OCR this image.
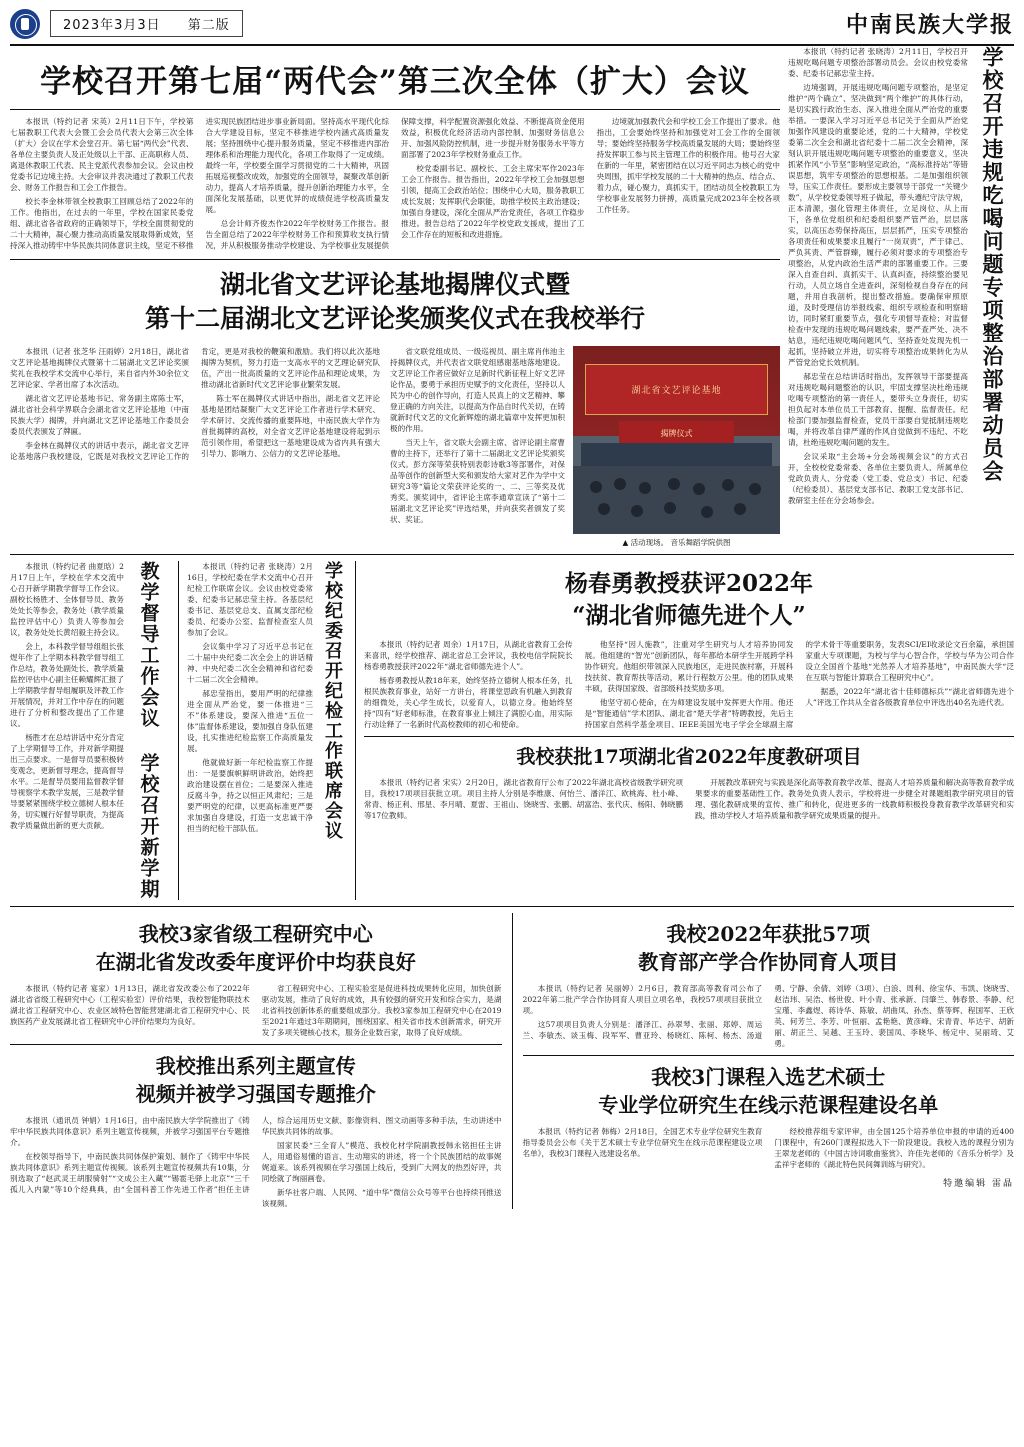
2023年3月3日 第二版	中南民族大学报
学校召开第七届“两代会”第三次全体（扩大）会议

本报讯（特约记者 宋英）2月11日下午，学校第七届教职工代表大会暨工会会员代表大会第三次全体（扩大）会议在学术会堂召开。第七届“两代会”代表、各单位主要负责人及正处级以上干部、正高职称人员、离退休教职工代表、民主党派代表参加会议。会议由校党委书记边境主持。大会审议并表决通过了教职工代表会、财务工作报告和工会工作报告。

校长李金林带领全校教职工回顾总结了2022年的工作。他指出，在过去的一年里，学校在国家民委党组、湖北省各省政府的正确领导下，学校全面贯彻党的二十大精神，凝心聚力推动高质量发展取得新成效，坚持深入推动铸牢中华民族共同体意识主线，坚定不移推进实现民族团结进步事业新局面。坚持高水平现代化综合大学建设目标，坚定不移推进学校内涵式高质量发展；坚持围绕中心提升服务质量，坚定不移推进内部治理体系和治理能力现代化，各项工作取得了一定成绩。最终一年，学校要全面学习贯彻党的二十大精神，巩固拓展巡视整改成效，加强党的全面领导，凝聚改革创新动力，提高人才培养质量，提升创新治理能力水平，全面深化发展基础，以更优异的成绩促进学校高质量发展。

总会计师齐俊杰作2022年学校财务工作报告。报告全面总结了2022年学校财务工作和预算收支执行情况，并从积极服务推动学校建设、为学校事业发展提供保障支撑，科学配置资源强化效益、不断提高资金使用效益，积极优化经济活动内部控制、加强财务信息公开、加强风险防控机制，进一步提升财务服务水平等方面部署了2023年学校财务重点工作。

校党委副书记、副校长、工会主席宋军作2023年工会工作报告。报告指出，2022年学校工会加强思想引领，提高工会政治站位；围绕中心大局，服务教职工成长发展；发挥职代会职能，助推学校民主政治建设；加强自身建设，深化全面从严治党责任，各项工作稳步推进。报告总结了2022年学校党政支援成，提出了工会工作存在的短板和改进措施。

边境就加强教代会和学校工会工作提出了要求。他指出，工会要始终坚持和加强党对工会工作的全面领导；要始终坚持服务学校高质量发展的大局；要始终坚持发挥职工参与民主管理工作的积极作用。他号召大家在新的一年里，紧密团结在以习近平同志为核心的党中央周围，抓牢学校发展的二十大精神的热点、结合点、着力点，碰心聚力，真抓实干，团结动员全校教职工为学校事业发展努力拼搏，高质量完成2023年全校各项工作任务。

湖北省文艺评论基地揭牌仪式暨
第十二届湖北文艺评论奖颁奖仪式在我校举行

本报讯（记者 张芝华 汪雨婷）2月18日，湖北省文艺评论基地揭牌仪式暨第十二届湖北文艺评论奖颁奖礼在我校学术交流中心举行，来自省内外30余位文艺评论家、学者出席了本次活动。

湖北省文艺评论基地书记、常务副主席陈士军，湖北省社会科学界联合会湖北省文艺评论基地（中南民族大学）揭牌，并向湖北文艺评论基地工作委员会委员代表颁发了牌匾。

李金林在揭牌仪式的讲话中表示，湖北省文艺评论基地落户我校建设，它既是对我校文艺评论工作的肯定，更是对我校的鞭策和激励。我们将以此次基地揭牌为契机，努力打造一支高水平的文艺理论研究队伍，产出一批高质量的文艺评论作品和理论成果，为推动湖北省新时代文艺评论事业繁荣发展。

陈士军在揭牌仪式讲话中指出，湖北省文艺评论基地是团结凝聚广大文艺评论工作者进行学术研究、学术研讨、交流传播的重要阵地，中南民族大学作为首批揭牌的高校，对全省文艺评论基地建设将起到示范引领作用，希望把这一基地建设成为省内具有强大引导力、影响力、公信力的文艺评论基地。

省文联党组成员、一级巡视员、副主席肖伟池主持揭牌仪式，并代表省文联党组感谢基地落地建设。文艺评论工作者应做好立足新时代新征程上好文艺评论作品，要勇于承担历史赋予的文化责任，坚持以人民为中心的创作导向，打造人民真上的文艺精神、攀登正确的方向关注，以提高为作品自时代关切，在铸就新时代文艺的文化新辉煌的湖北篇章中发挥更加积极的作用。

当天上午，省文联大会副主席、省评论副主席曹曹的主持下，还举行了第十二届湖北文艺评论奖颁奖仪式。彭方深等荣获特别表彰诗歌3等部署作，对保品等创作的创新型大奖和颁发给大家对艺作为学中文研究3等“篇论文荣获评论奖的一、二、三等奖及优秀奖。颁奖词中，省评论主席李通章宣读了“第十二届湖北文艺评论奖”评选结果，并向获奖者颁发了奖状、奖证。

湖北省文艺评论基地
揭牌仪式
▲ 活动现场。 音乐舞蹈学院供图

本报讯（特约记者 张晓涛）2月11日，学校召开违规吃喝问题专项整治部署动员会。会议由校党委常委、纪委书记郝忠莹主持。

边境强调，开展违规吃喝问题专项整治，是坚定维护“两个确立”、坚决做到“两个维护”的具体行动，是切实践行政治生态、深入推进全面从严治党的重要举措。一要深入学习习近平总书记关于全面从严治党加强作风建设的重要论述，党的二十大精神，学校党委第二次全会和湖北省纪委十二届二次全会精神，深刻认识开展违规吃喝问题专项整治的重要意义，坚决抓紧作风“小节坚”影响坚定政治，“高标准持站”等错误思想，筑牢专项整治的思想根基。二是加强组织领导，压实工作责任。要形成主要领导干部党一“关键少数”，从学校党委领导班子做起，带头遵纪守法守规，正本清源，强化管理主体责任，立足岗位、从上而下，各单位党组织和纪委组织要严管严治，层层落实，以高压态势保持高压，层层抓严，压实专项整治各项责任和成果要求且履行“一岗双责”，严于律己、严负其责、严管群臻，履行必须对要求的专项整治专项整治，从党内政治生活严肃的部署重要工作。三要深入自查自纠、真抓实干、认真纠查，持续整治要见行动，人员立场自全进查纠，深刻检视自身存在的问题，并用自我剖析，提出整改措施。要确保审照原道，及时受理信访举报线索、组织专项检查和明察暗访，同时紧盯重要节点，强化专项督导查检；对监督检查中发现的违规吃喝问题线索，要严查严处、决不姑息，违纪违规吃喝问题风气、坚持查处发现先机一起抓，坚持破立并进，切实将专项整治成果转化为从严管党治党长效机制。

郝忠莹在总结讲话时指出，发挥领导干部要提高对违规吃喝问题整治的认识，牢固支撑坚决杜绝违规吃喝专项整治的第一责任人，要带头立身责任，切实担负起对本单位员工干部教育、提醒、监督责任。纪检部门要加强监督检查，党员干部要自觉抵制违规吃喝，并将改革自律严谨的作风自觉做到不违纪、不吃请，杜绝违规吃喝问题的发生。

会议采取“主会场+分会场视频会议”的方式召开，全校校党委常委、各单位主要负责人、所属单位党政负责人、分党委（党工委、党总支）书记、纪委（纪检委员）、基层党支部书记、教职工党支部书记、教研室主任在分会场参会。

学校召开违规吃喝问题专项整治部署动员会

本报讯（特约记者 曲夏晗）2月17日上午，学校在学术交流中心召开新学期教学督导工作会议。副校长杨胜才、全体督导员、教务处处长等参会，教务处（教学质量监控评估中心）负责人等参加会议，教务处处长黄绍毅主持会议。

会上，本科教学督导组组长张煜年作了上学期本科教学督导组工作总结，教务处副处长、教学质量监控评估中心副主任赖耀辉汇报了上学期教学督导组履职及评教工作开展情况，并对工作中存在的问题进行了分析和整改提出了工作建议。

杨胜才在总结讲话中充分肯定了上学期督导工作，并对新学期提出三点要求。一是督导员要积极转变观念，更新督导理念，提高督导水平。二是督导员要用监督教学督导视察学术教学发展，三是教学督导要紧紧围绕学校立德树人根本任务，切实履行好督导职责，为提高教学质量做出新的更大贡献。	教学督导工作会议 学校召开新学期	本报讯（特约记者 张晓涛）2月16日，学校纪委在学术交流中心召开纪检工作联席会议。会议由校党委常委、纪委书记郝忠莹主持。各基层纪委书记、基层党总支、直属支部纪检委员、纪委办公室、监督检查室人员参加了会议。

会议集中学习了习近平总书记在二十届中央纪委二次全会上的讲话精神、中央纪委二次全会精神和省纪委十二届二次全会精神。

郝忠莹指出，要用严明的纪律推进全面从严治党，要一体推进“三不”体系建设，要深入推进“五位一体”监督体系建设，要加强自身队伍建设，扎实推进纪检监察工作高质量发展。

他就做好新一年纪检监察工作提出：一是要旗帜鲜明讲政治，始终把政治建设摆在首位；二是要深入推进反腐斗争，持之以恒正风肃纪；三是要严明党的纪律，以更高标准更严要求加强自身建设，打造一支忠诚干净担当的纪检干部队伍。	学校纪委召开纪检工作联席会议	杨春勇教授获评2022年
“湖北省师德先进个人”

本报讯（特约记者 周余）1月17日，从湖北省教育工会传来喜讯，经学校推荐、湖北省总工会评议，我校电信学院院长杨春勇教授获评2022年“湖北省师德先进个人”。

杨春勇教授从教18年来，始终坚持立德树人根本任务，扎根民族教育事业，站好一方讲台，将课堂思政有机融入到教育的细微处，关心学生成长，以爱育人，以德立身。他始终坚持“四有”好老师标准，在教育事业上倾注了满腔心血，用实际行动诠释了一名新时代高校教师的初心和使命。

他坚持“因人施教”，注重对学生研究与人才培养协同发展。他组建的“智光”创新团队，每年都给本研学生开展跨学科协作研究。他组织带领深入民族地区，走进民族村寨，开展科技扶贫、教育帮扶等活动，累计行程数万公里。他的团队成果丰硕，获得国家级、省部级科技奖励多项。

他坚守初心使命，在为师建设发展中发挥更大作用。他还是“智能通信”学术团队、湖北省“楚天学者”特聘教授，先后主持国家自然科学基金项目、IEEE美国光电子学会全球副主席的学术骨干等重要职务，发表SCI/EI收录论文百余篇，承担国家重大专项课题，为校与学与心智合作，学校与华为公司合作设立全国首个基地“光然养人才培养基地”，中南民族大学“泛在互联与智能计算联合工程研究中心”。

据悉，2022年“湖北省十佳师德标兵”“湖北省师德先进个人”评选工作共从全省各级教育单位中评选出40名先进代表。

我校获批17项湖北省2022年度教研项目

本报讯（特约记者 宋实）2月20日，湖北省教育厅公布了2022年湖北高校省级教学研究项目，我校17项项目获批立项。项目主持人分别是李维康、何怡兰、潘洋江、欧桃海、杜小峰、常青、杨正利、邢星、李月晴、夏雷、王祖山、饶晓雪、张鹏、胡富浩、张代庆、杨阳、韩晓鹏等17位教师。

开展教改革研究与实践是深化高等教育教学改革、提高人才培养质量和解决高等教育教学成果要求的重要基础性工作。教务处负责人表示，学校将进一步健全对课题组教学研究项目的管理、强化教研成果的宣传、推广和转化，促进更多的一线教师积极投身教育教学改革研究和实践，推动学校人才培养质量和教学研究成果质量的提升。

我校3家省级工程研究中心
在湖北省发改委年度评价中均获良好

本报讯（特约记者 宴家）1月13日，湖北省发改委公布了2022年湖北省省级工程研究中心（工程实验室）评价结果，我校智能物联技术湖北省工程研究中心、农业区域特色智能营建湖北省工程研究中心、民族医药产业发展湖北省工程研究中心评价结果均为良好。

省工程研究中心、工程实验室是促进科技成果转化应用，加快创新驱动发展，推动了良好的成效，具有较强的研究开发和综合实力，是湖北省科技创新体系的重要组成部分。我校3家参加工程研究中心在2019至2021年通过3年期期间，围绕国家、相关省市技术创新需求，研究开发了多项关键核心技术，服务企业数百家，取得了良好成绩。

我校推出系列主题宣传
视频并被学习强国专题推介

本报讯（通讯员 钟娟）1月16日，由中南民族大学学院推出了《铸牢中华民族共同体意识》系列主题宣传视频，并被学习强国平台专题推介。

在校领导指导下，中南民族共同体保护策划、制作了《铸牢中华民族共同体意识》系列主题宣传视频。该系列主题宣传视频共有10集，分别选取了“赵武灵王胡服骑射”“文成公主入藏”“锡雹毛驿上北京”“三千孤儿入内蒙”等10个经典典，由“全国科普工作先进工作者”担任主讲人，综合运用历史文献、影像资料、图文动画等多种手法，生动讲述中华民族共同体的故事。

国家民委“三全育人”模范、我校化材学院副教授韩永铭担任主讲人，用通俗易懂的语言、生动翔实的讲述，将一个个民族团结的故事娓娓道来。该系列视频在学习强国上线后，受到广大网友的热烈好评，共同绘就了绚丽画卷。

新华社客户端、人民网、“道中华”微信公众号等平台也持续刊推送该视频。

我校2022年获批57项
教育部产学合作协同育人项目

本报讯（特约记者 吴丽婷）2月6日，教育部高等教育司公布了2022年第二批产学合作协同育人项目立项名单，我校57项项目获批立项。

这57项项目负责人分别是：潘泽江、孙翠琴、张丽、郑婷、周运兰、李敏杰、谈玉梅、段军军、曹亚玲、杨晓红、陈柯、杨杰、汤道勇、宁静、余倩、刘婷（3项）、白浪、周利、徐宝华、韦凯、饶晓雪、赵洁玮、吴浩、杨世俊、叶小青、张承新、闫肇兰、韩春景、李静、纪宝瑾、李鑫煜、蒋诗华、陈敏、胡曲凤、孙杰、蔡等辉、程国军、王欣英、何芳兰、李芳、叶恒丽、孟艳艳、黄彦峰、宋青青、毕达宇、胡新丽、胡正兰、吴越、王玉玲、裴国凤、李晓华、杨定中、吴丽琦、艾勇。

我校3门课程入选艺术硕士
专业学位研究生在线示范课程建设名单

本报讯（特约记者 韩梅）2月18日，全国艺术专业学位研究生教育指导委员会公布《关于艺术硕士专业学位研究生在线示范课程建设立项名单》，我校3门课程入选建设名单。

经校推荐组专家评审，由全国125个培养单位申报的申请的近400门课程中，有260门课程拟选入下一阶段建设。我校入选的课程分别为王翠龙老师的《中国古诗词歌曲鉴赏》、许佳先老师的《音乐分析学》及孟祥宇老师的《湖北特色民间舞训练与研究》。

特邀编辑 雷晶
